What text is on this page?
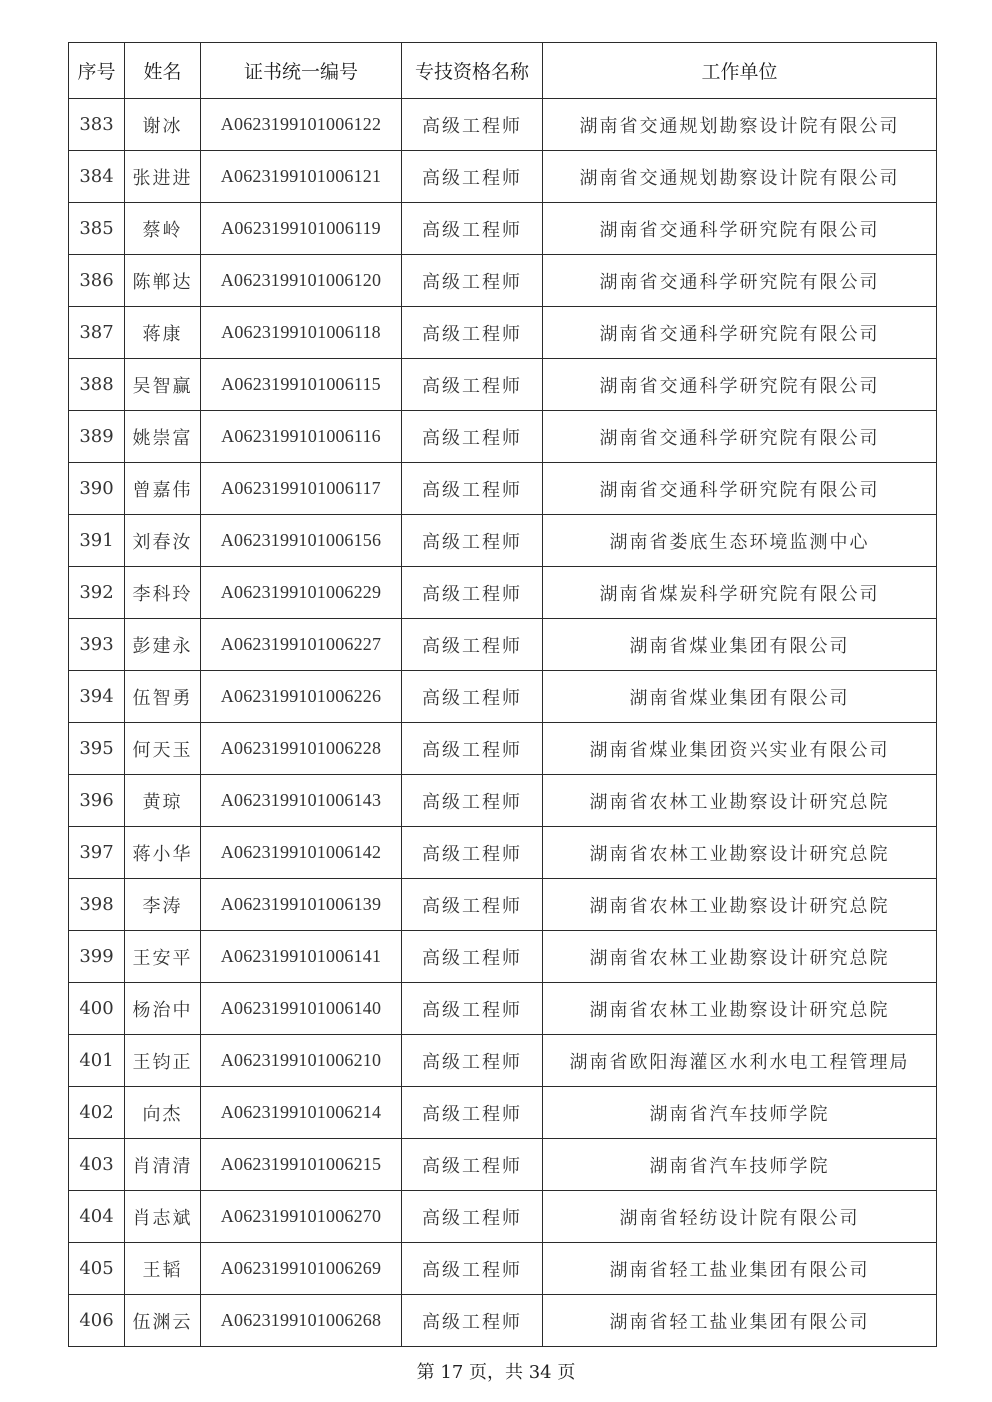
序号	姓名	证书统一编号	专技资格名称	工作单位
383	谢冰	A0623199101006122	高级工程师	湖南省交通规划勘察设计院有限公司
384	张进进	A0623199101006121	高级工程师	湖南省交通规划勘察设计院有限公司
385	蔡岭	A0623199101006119	高级工程师	湖南省交通科学研究院有限公司
386	陈郸达	A0623199101006120	高级工程师	湖南省交通科学研究院有限公司
387	蒋康	A0623199101006118	高级工程师	湖南省交通科学研究院有限公司
388	吴智赢	A0623199101006115	高级工程师	湖南省交通科学研究院有限公司
389	姚崇富	A0623199101006116	高级工程师	湖南省交通科学研究院有限公司
390	曾嘉伟	A0623199101006117	高级工程师	湖南省交通科学研究院有限公司
391	刘春汝	A0623199101006156	高级工程师	湖南省娄底生态环境监测中心
392	李科玲	A0623199101006229	高级工程师	湖南省煤炭科学研究院有限公司
393	彭建永	A0623199101006227	高级工程师	湖南省煤业集团有限公司
394	伍智勇	A0623199101006226	高级工程师	湖南省煤业集团有限公司
395	何天玉	A0623199101006228	高级工程师	湖南省煤业集团资兴实业有限公司
396	黄琼	A0623199101006143	高级工程师	湖南省农林工业勘察设计研究总院
397	蒋小华	A0623199101006142	高级工程师	湖南省农林工业勘察设计研究总院
398	李涛	A0623199101006139	高级工程师	湖南省农林工业勘察设计研究总院
399	王安平	A0623199101006141	高级工程师	湖南省农林工业勘察设计研究总院
400	杨治中	A0623199101006140	高级工程师	湖南省农林工业勘察设计研究总院
401	王钧正	A0623199101006210	高级工程师	湖南省欧阳海灌区水利水电工程管理局
402	向杰	A0623199101006214	高级工程师	湖南省汽车技师学院
403	肖清清	A0623199101006215	高级工程师	湖南省汽车技师学院
404	肖志斌	A0623199101006270	高级工程师	湖南省轻纺设计院有限公司
405	王韬	A0623199101006269	高级工程师	湖南省轻工盐业集团有限公司
406	伍渊云	A0623199101006268	高级工程师	湖南省轻工盐业集团有限公司
第 17 页，共 34 页
